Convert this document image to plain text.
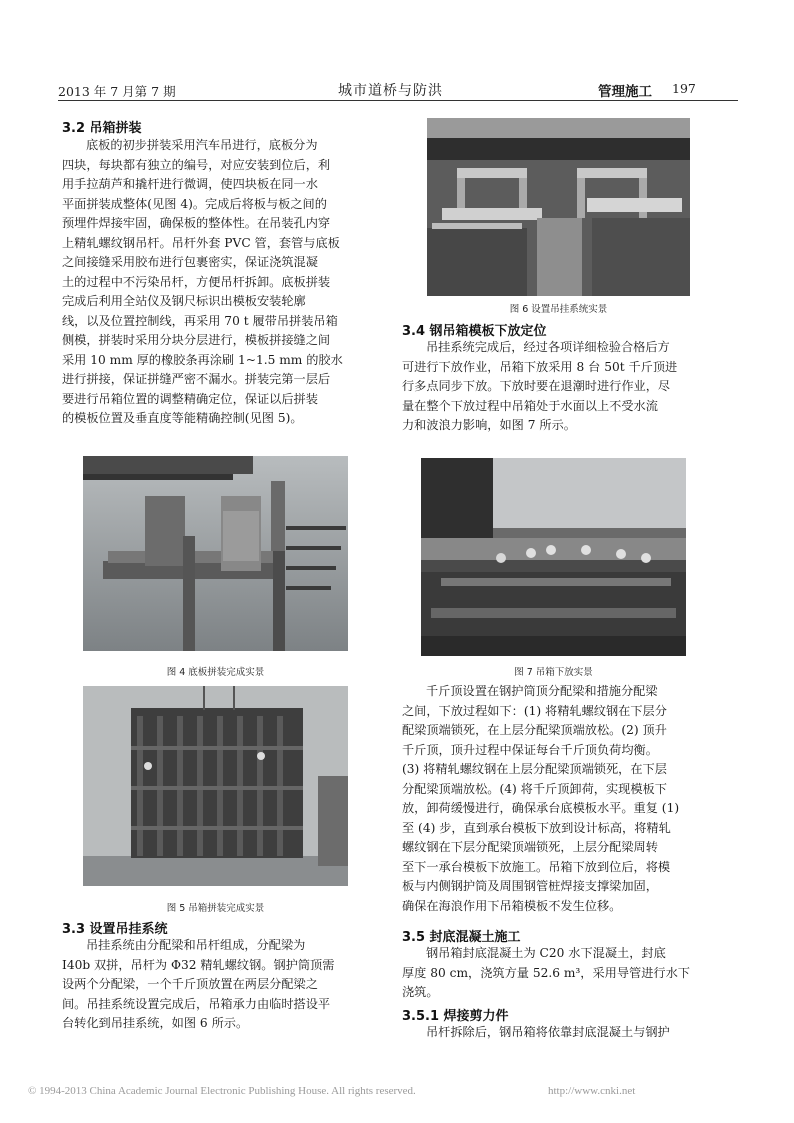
2013 年 7 月第 7 期	城市道桥与防洪	管理施工 197
3.2 吊箱拼装
底板的初步拼装采用汽车吊进行，底板分为
四块，每块都有独立的编号，对应安装到位后，利
用手拉葫芦和撬杆进行微调，使四块板在同一水
平面拼装成整体(见图 4)。完成后将板与板之间的
预埋件焊接牢固，确保板的整体性。在吊装孔内穿
上精轧螺纹钢吊杆。吊杆外套 PVC 管，套管与底板
之间接缝采用胶布进行包裹密实，保证浇筑混凝
土的过程中不污染吊杆，方便吊杆拆卸。底板拼装
完成后利用全站仪及钢尺标识出模板安装轮廓
线，以及位置控制线，再采用 70 t 履带吊拼装吊箱
侧模，拼装时采用分块分层进行，模板拼接缝之间
采用 10 mm 厚的橡胶条再涂刷 1~1.5 mm 的胶水
进行拼接，保证拼缝严密不漏水。拼装完第一层后
要进行吊箱位置的调整精确定位，保证以后拼装
的模板位置及垂直度等能精确控制(见图 5)。
图 4 底板拼装完成实景
图 5 吊箱拼装完成实景
3.3 设置吊挂系统
吊挂系统由分配梁和吊杆组成，分配梁为
I40b 双拼，吊杆为 Φ32 精轧螺纹钢。钢护筒顶需
设两个分配梁，一个千斤顶放置在两层分配梁之
间。吊挂系统设置完成后，吊箱承力由临时搭设平
台转化到吊挂系统，如图 6 所示。
图 6 设置吊挂系统实景
3.4 钢吊箱模板下放定位
吊挂系统完成后，经过各项详细检验合格后方
可进行下放作业，吊箱下放采用 8 台 50t 千斤顶进
行多点同步下放。下放时要在退潮时进行作业，尽
量在整个下放过程中吊箱处于水面以上不受水流
力和波浪力影响，如图 7 所示。
图 7 吊箱下放实景
千斤顶设置在钢护筒顶分配梁和措施分配梁
之间，下放过程如下：(1) 将精轧螺纹钢在下层分
配梁顶端锁死，在上层分配梁顶端放松。(2) 顶升
千斤顶，顶升过程中保证每台千斤顶负荷均衡。
(3) 将精轧螺纹钢在上层分配梁顶端锁死，在下层
分配梁顶端放松。(4) 将千斤顶卸荷，实现模板下
放，卸荷缓慢进行，确保承台底模板水平。重复 (1)
至 (4) 步，直到承台模板下放到设计标高，将精轧
螺纹钢在下层分配梁顶端锁死，上层分配梁周转
至下一承台模板下放施工。吊箱下放到位后，将模
板与内侧钢护筒及周围钢管桩焊接支撑梁加固，
确保在海浪作用下吊箱模板不发生位移。
3.5 封底混凝土施工
钢吊箱封底混凝土为 C20 水下混凝土，封底
厚度 80 cm，浇筑方量 52.6 m³，采用导管进行水下
浇筑。
3.5.1 焊接剪力件
吊杆拆除后，钢吊箱将依靠封底混凝土与钢护
© 1994-2013 China Academic Journal Electronic Publishing House. All rights reserved.	http://www.cnki.net
